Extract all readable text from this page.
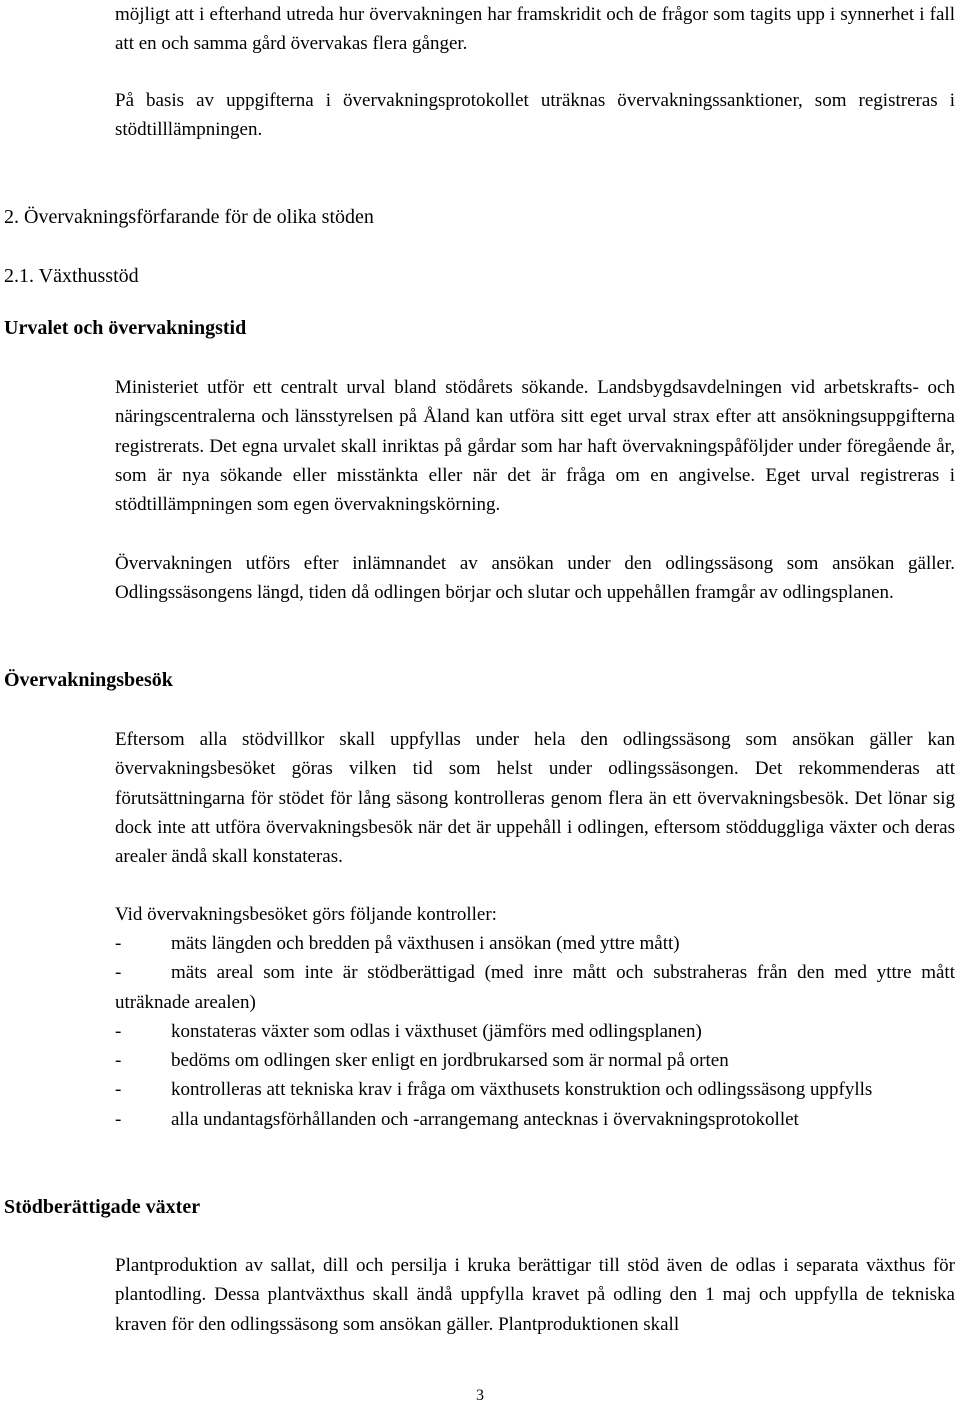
möjligt att i efterhand utreda hur övervakningen har framskridit och de frågor som tagits upp i synnerhet i fall att en och samma gård övervakas flera gånger.

På basis av uppgifterna i övervakningsprotokollet uträknas övervakningssanktioner, som registreras i stödtilllämpningen.

2. Övervakningsförfarande för de olika stöden
2.1. Växthusstöd
Urvalet och övervakningstid

Ministeriet utför ett centralt urval bland stödårets sökande. Landsbygdsavdelningen vid arbetskrafts- och näringscentralerna och länsstyrelsen på Åland kan utföra sitt eget urval strax efter att ansökningsuppgifterna registrerats. Det egna urvalet skall inriktas på gårdar som har haft övervakningspåföljder under föregående år, som är nya sökande eller misstänkta eller när det är fråga om en angivelse. Eget urval registreras i stödtillämpningen som egen övervakningskörning.

Övervakningen utförs efter inlämnandet av ansökan under den odlingssäsong som ansökan gäller. Odlingssäsongens längd, tiden då odlingen börjar och slutar och uppehållen framgår av odlingsplanen.

Övervakningsbesök

Eftersom alla stödvillkor skall uppfyllas under hela den odlingssäsong som ansökan gäller kan övervakningsbesöket göras vilken tid som helst under odlingssäsongen. Det rekommenderas att förutsättningarna för stödet för lång säsong kontrolleras genom flera än ett övervakningsbesök. Det lönar sig dock inte att utföra övervakningsbesök när det är uppehåll i odlingen, eftersom stödduggliga växter och deras arealer ändå skall konstateras.

Vid övervakningsbesöket görs följande kontroller:

-	mäts längden och bredden på växthusen i ansökan (med yttre mått)
-	mäts areal som inte är stödberättigad (med inre mått och substraheras från den med yttre mått uträknade arealen)
-	konstateras växter som odlas i växthuset (jämförs med odlingsplanen)
-	bedöms om odlingen sker enligt en jordbrukarsed som är normal på orten
-	kontrolleras att tekniska krav i fråga om växthusets konstruktion och odlingssäsong uppfylls
-	alla undantagsförhållanden och -arrangemang antecknas i övervakningsprotokollet
Stödberättigade växter

Plantproduktion av sallat, dill och persilja i kruka berättigar till stöd även de odlas i separata växthus för plantodling. Dessa plantväxthus skall ändå uppfylla kravet på odling den 1 maj och uppfylla de tekniska kraven för den odlingssäsong som ansökan gäller. Plantproduktionen skall

3
